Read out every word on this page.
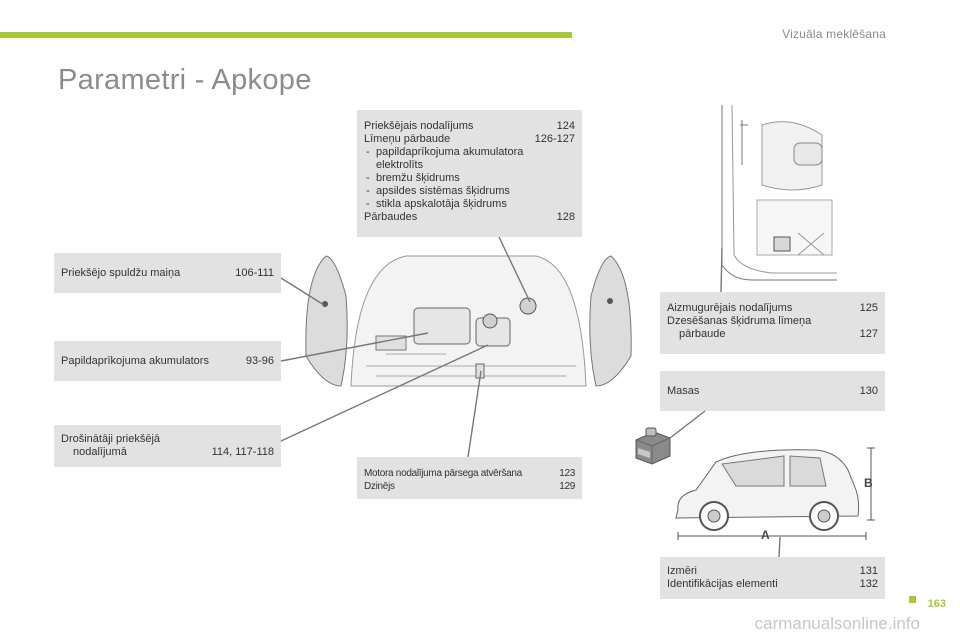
Vizuāla meklēšana
Parametri - Apkope
Priekšējais nodalījums	124
Līmeņu pārbaude	126-127
- papildaprīkojuma akumulatora elektrolīts
- bremžu šķidrums
- apsildes sistēmas šķidrums
- stikla apskalotāja šķidrums
Pārbaudes	128
Priekšējo spuldžu maiņa	106-111
Papildaprīkojuma akumulators	93-96
Drošinātāji priekšējā
nodalījumā	114, 117-118
Motora nodalījuma pārsega atvēršana	123
Dzinējs	129
Aizmugurējais nodalījums	125
Dzesēšanas šķidruma līmeņa
pārbaude	127
Masas	130
Izmēri	131
Identifikācijas elementi	132
A
B
carmanualsonline.info
163
